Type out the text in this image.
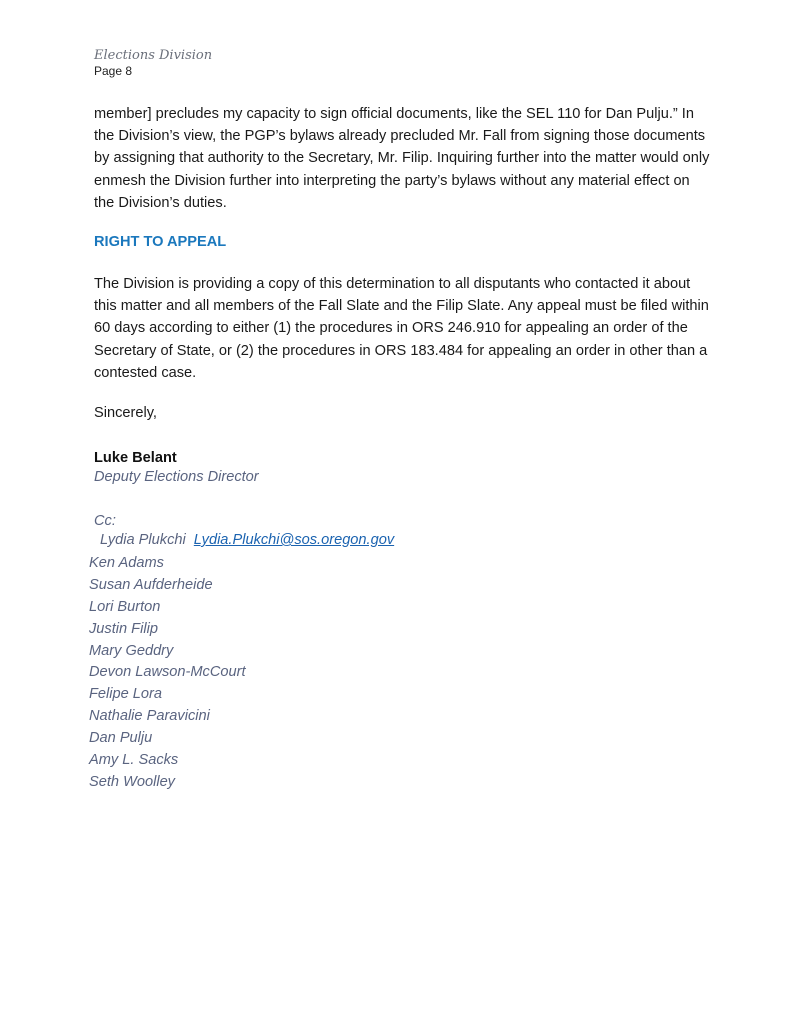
Elections Division
Page 8

member] precludes my capacity to sign official documents, like the SEL 110 for Dan Pulju.” In the Division’s view, the PGP’s bylaws already precluded Mr. Fall from signing those documents by assigning that authority to the Secretary, Mr. Filip. Inquiring further into the matter would only enmesh the Division further into interpreting the party’s bylaws without any material effect on the Division’s duties.

RIGHT TO APPEAL

The Division is providing a copy of this determination to all disputants who contacted it about this matter and all members of the Fall Slate and the Filip Slate. Any appeal must be filed within 60 days according to either (1) the procedures in ORS 246.910 for appealing an order of the Secretary of State, or (2) the procedures in ORS 183.484 for appealing an order in other than a contested case.

Sincerely,
Luke Belant
Deputy Elections Director
Cc:
Lydia Plukchi Lydia.Plukchi@sos.oregon.gov
Ken Adams
Susan Aufderheide
Lori Burton
Justin Filip
Mary Geddry
Devon Lawson-McCourt
Felipe Lora
Nathalie Paravicini
Dan Pulju
Amy L. Sacks
Seth Woolley
